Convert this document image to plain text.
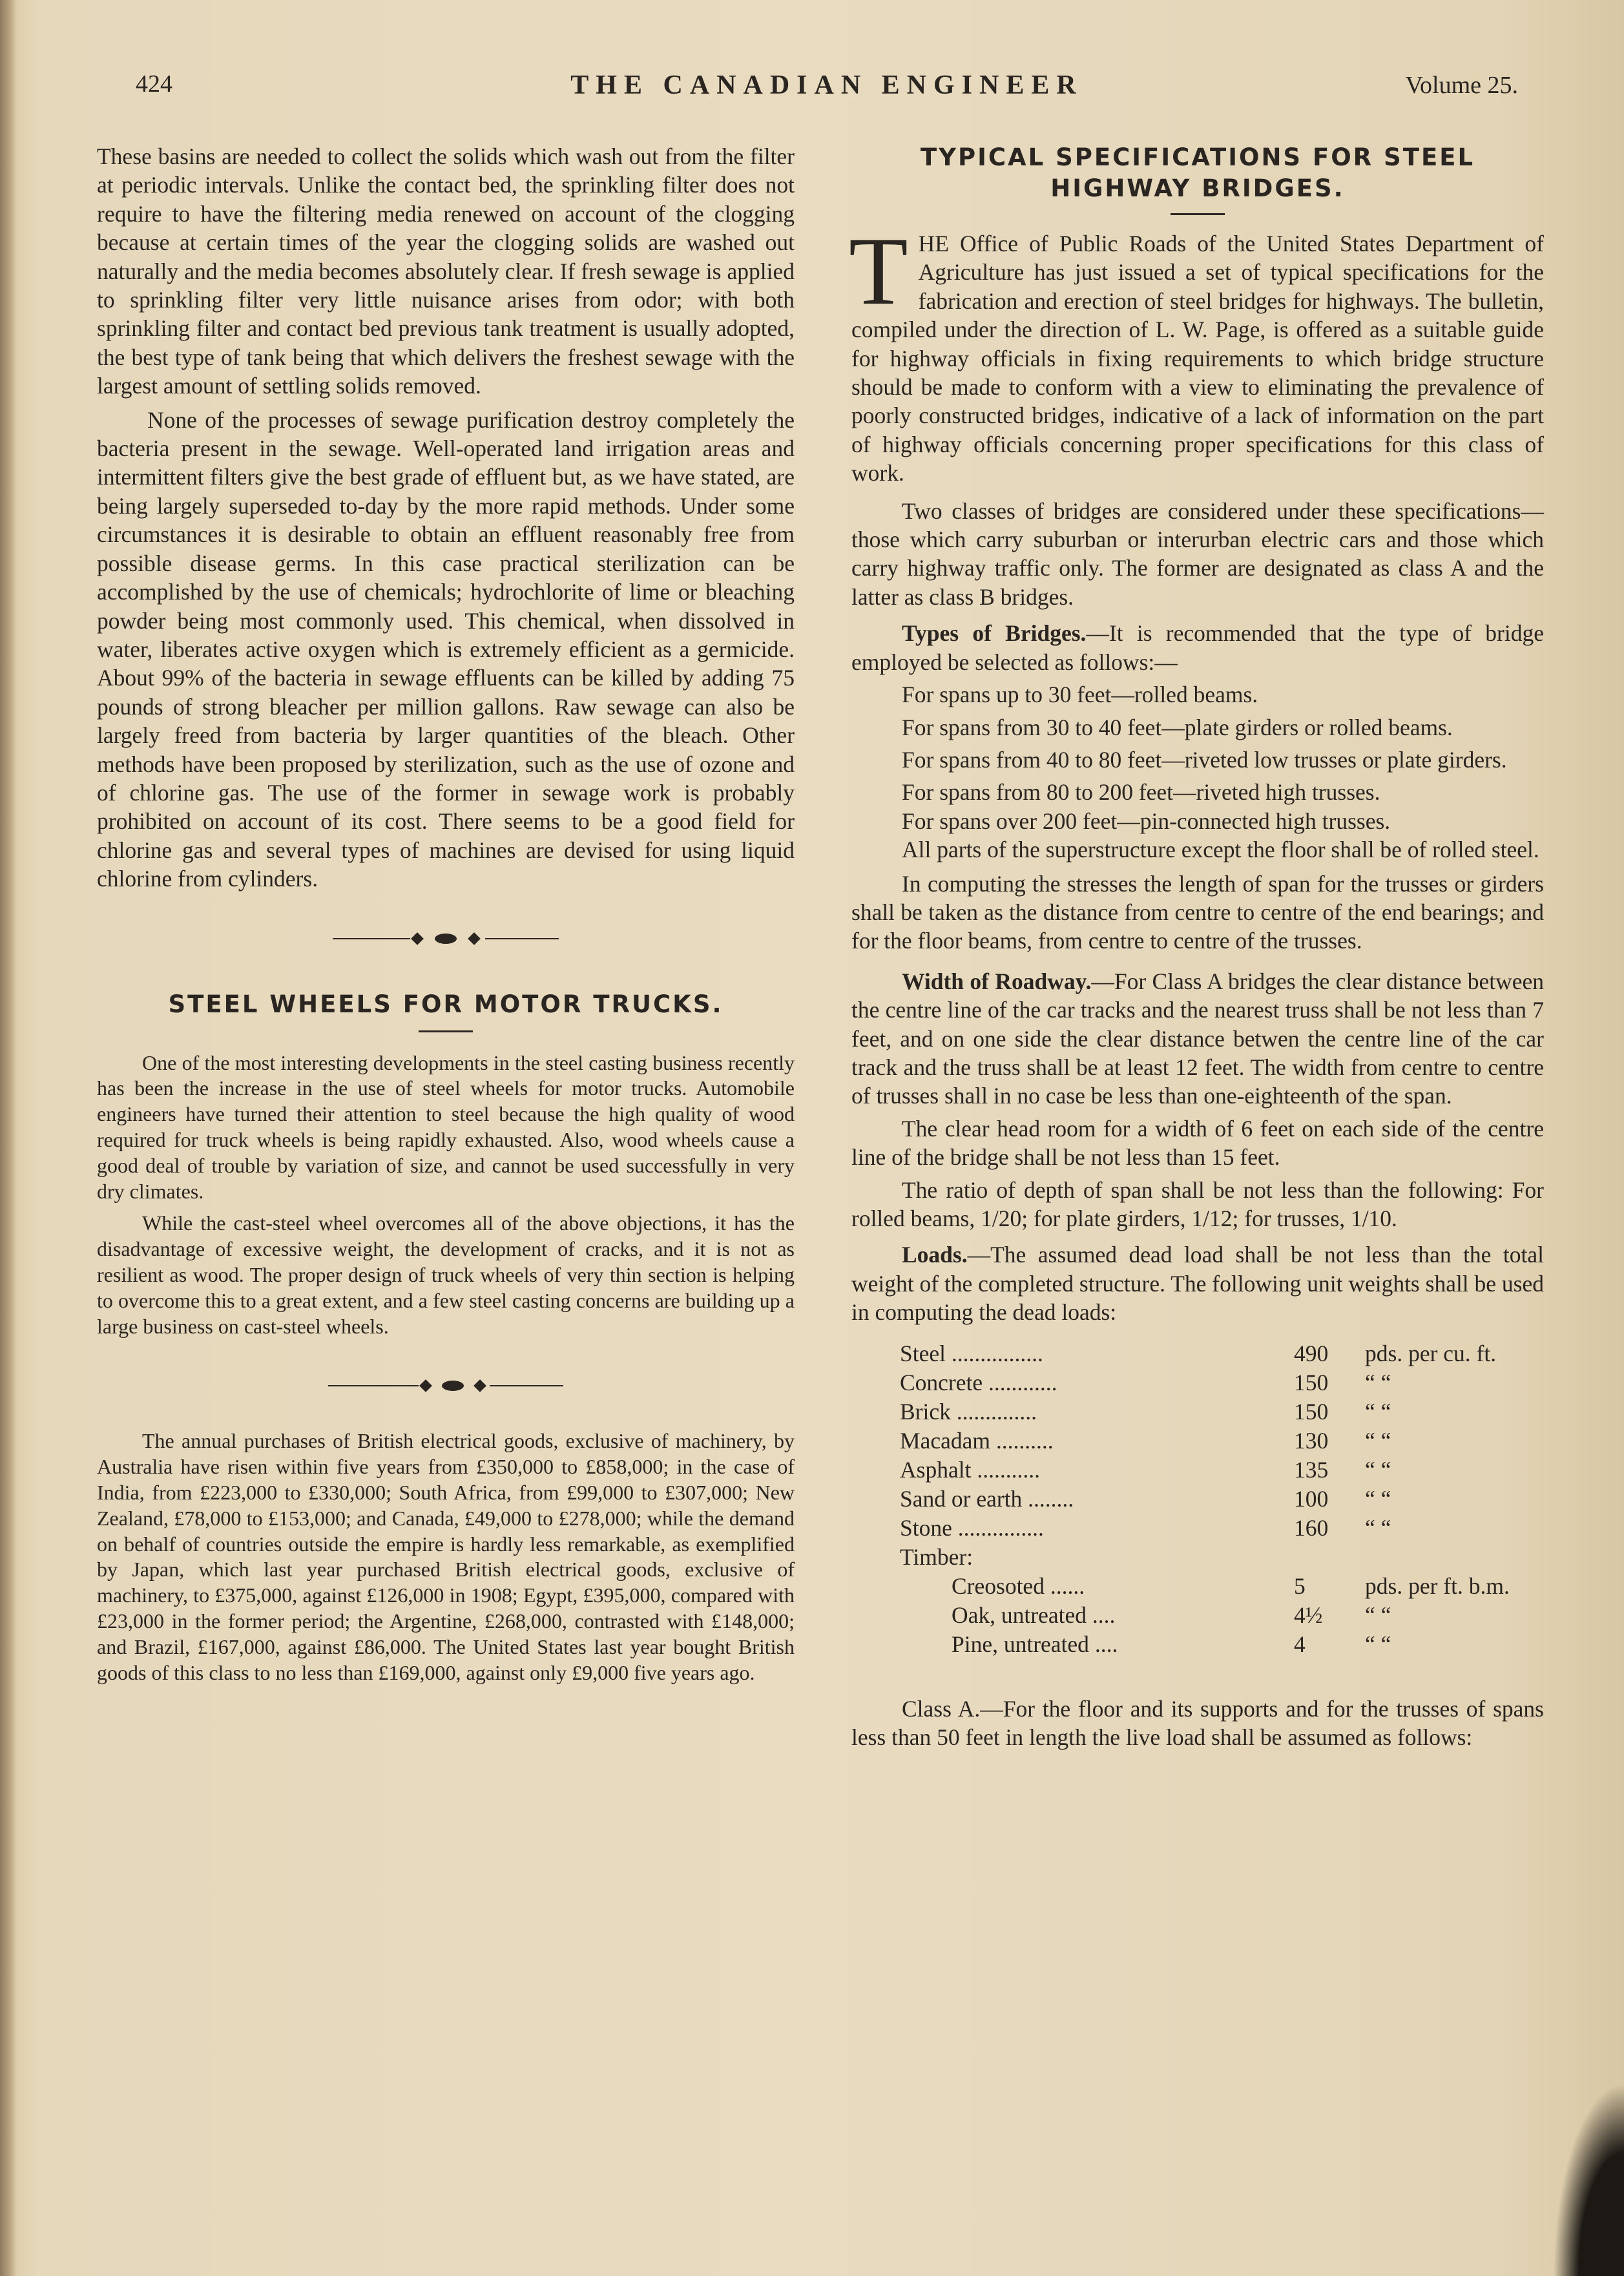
424	THE CANADIAN ENGINEER	Volume 25.

These basins are needed to collect the solids which wash out from the filter at periodic intervals. Unlike the contact bed, the sprinkling filter does not require to have the filtering media renewed on account of the clogging because at certain times of the year the clogging solids are washed out naturally and the media becomes absolutely clear. If fresh sewage is applied to sprinkling filter very little nuisance arises from odor; with both sprinkling filter and contact bed previous tank treatment is usually adopted, the best type of tank being that which delivers the freshest sewage with the largest amount of settling solids removed.

None of the processes of sewage purification destroy completely the bacteria present in the sewage. Well-operated land irrigation areas and intermittent filters give the best grade of effluent but, as we have stated, are being largely superseded to-day by the more rapid methods. Under some circumstances it is desirable to obtain an effluent reasonably free from possible disease germs. In this case practical sterilization can be accomplished by the use of chemicals; hydrochlorite of lime or bleaching powder being most commonly used. This chemical, when dissolved in water, liberates active oxygen which is extremely efficient as a germicide. About 99% of the bacteria in sewage effluents can be killed by adding 75 pounds of strong bleacher per million gallons. Raw sewage can also be largely freed from bacteria by larger quantities of the bleach. Other methods have been proposed by sterilization, such as the use of ozone and of chlorine gas. The use of the former in sewage work is probably prohibited on account of its cost. There seems to be a good field for chlorine gas and several types of machines are devised for using liquid chlorine from cylinders.

STEEL WHEELS FOR MOTOR TRUCKS.

One of the most interesting developments in the steel casting business recently has been the increase in the use of steel wheels for motor trucks. Automobile engineers have turned their attention to steel because the high quality of wood required for truck wheels is being rapidly exhausted. Also, wood wheels cause a good deal of trouble by variation of size, and cannot be used successfully in very dry climates.

While the cast-steel wheel overcomes all of the above objections, it has the disadvantage of excessive weight, the development of cracks, and it is not as resilient as wood. The proper design of truck wheels of very thin section is helping to overcome this to a great extent, and a few steel casting concerns are building up a large business on cast-steel wheels.

The annual purchases of British electrical goods, exclusive of machinery, by Australia have risen within five years from £350,000 to £858,000; in the case of India, from £223,000 to £330,000; South Africa, from £99,000 to £307,000; New Zealand, £78,000 to £153,000; and Canada, £49,000 to £278,000; while the demand on behalf of countries outside the empire is hardly less remarkable, as exemplified by Japan, which last year purchased British electrical goods, exclusive of machinery, to £375,000, against £126,000 in 1908; Egypt, £395,000, compared with £23,000 in the former period; the Argentine, £268,000, contrasted with £148,000; and Brazil, £167,000, against £86,000. The United States last year bought British goods of this class to no less than £169,000, against only £9,000 five years ago.

TYPICAL SPECIFICATIONS FOR STEEL HIGHWAY BRIDGES.

THE Office of Public Roads of the United States Department of Agriculture has just issued a set of typical specifications for the fabrication and erection of steel bridges for highways. The bulletin, compiled under the direction of L. W. Page, is offered as a suitable guide for highway officials in fixing requirements to which bridge structure should be made to conform with a view to eliminating the prevalence of poorly constructed bridges, indicative of a lack of information on the part of highway officials concerning proper specifications for this class of work.

Two classes of bridges are considered under these specifications—those which carry suburban or interurban electric cars and those which carry highway traffic only. The former are designated as class A and the latter as class B bridges.

Types of Bridges.—It is recommended that the type of bridge employed be selected as follows:—

For spans up to 30 feet—rolled beams.

For spans from 30 to 40 feet—plate girders or rolled beams.

For spans from 40 to 80 feet—riveted low trusses or plate girders.

For spans from 80 to 200 feet—riveted high trusses.

For spans over 200 feet—pin-connected high trusses.

All parts of the superstructure except the floor shall be of rolled steel.

In computing the stresses the length of span for the trusses or girders shall be taken as the distance from centre to centre of the end bearings; and for the floor beams, from centre to centre of the trusses.

Width of Roadway.—For Class A bridges the clear distance between the centre line of the car tracks and the nearest truss shall be not less than 7 feet, and on one side the clear distance betwen the centre line of the car track and the truss shall be at least 12 feet. The width from centre to centre of trusses shall in no case be less than one-eighteenth of the span.

The clear head room for a width of 6 feet on each side of the centre line of the bridge shall be not less than 15 feet.

The ratio of depth of span shall be not less than the following: For rolled beams, 1/20; for plate girders, 1/12; for trusses, 1/10.

Loads.—The assumed dead load shall be not less than the total weight of the completed structure. The following unit weights shall be used in computing the dead loads:

Steel ................	490	pds. per cu. ft.
Concrete ............	150	“ “
Brick ..............	150	“ “
Macadam ..........	130	“ “
Asphalt ...........	135	“ “
Sand or earth ........	100	“ “
Stone ...............	160	“ “
Timber:		
Creosoted ......	5	pds. per ft. b.m.
Oak, untreated ....	4½	“ “
Pine, untreated ....	4	“ “

Class A.—For the floor and its supports and for the trusses of spans less than 50 feet in length the live load shall be assumed as follows:
